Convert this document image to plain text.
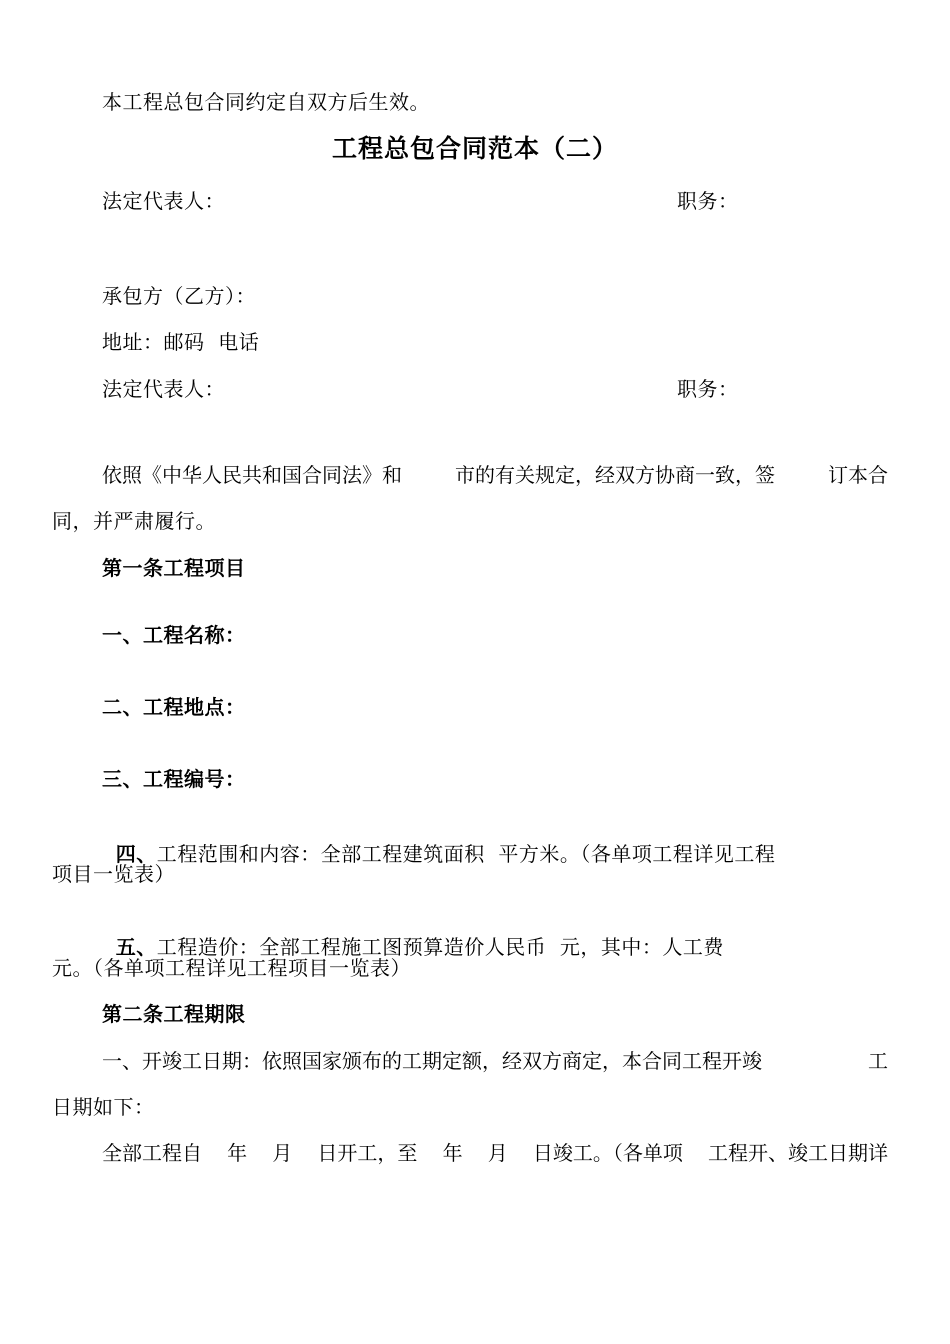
本工程总包合同约定自双方后生效。
工程总包合同范本（二）
法定代表人：	职务：
承包方（乙方）：
地址：邮码  电话
法定代表人：	职务：
依照《中华人民共和国合同法》和	市的有关规定，经双方协商一致，签	订本合
同，并严肃履行。
第一条工程项目
一、工程名称：
二、工程地点：
三、工程编号：

四、工程范围和内容：全部工程建筑面积  平方米。（各单项工程详见工程

项目一览表）

五、工程造价：全部工程施工图预算造价人民币  元，其中：人工费

元。（各单项工程详见工程项目一览表）
第二条工程期限
一、开竣工日期：依照国家颁布的工期定额，经双方商定，本合同工程开竣	工
日期如下：
全部工程自 年 月 日开工，至 年 月 日竣工。（各单项 工程开、竣工日期详
